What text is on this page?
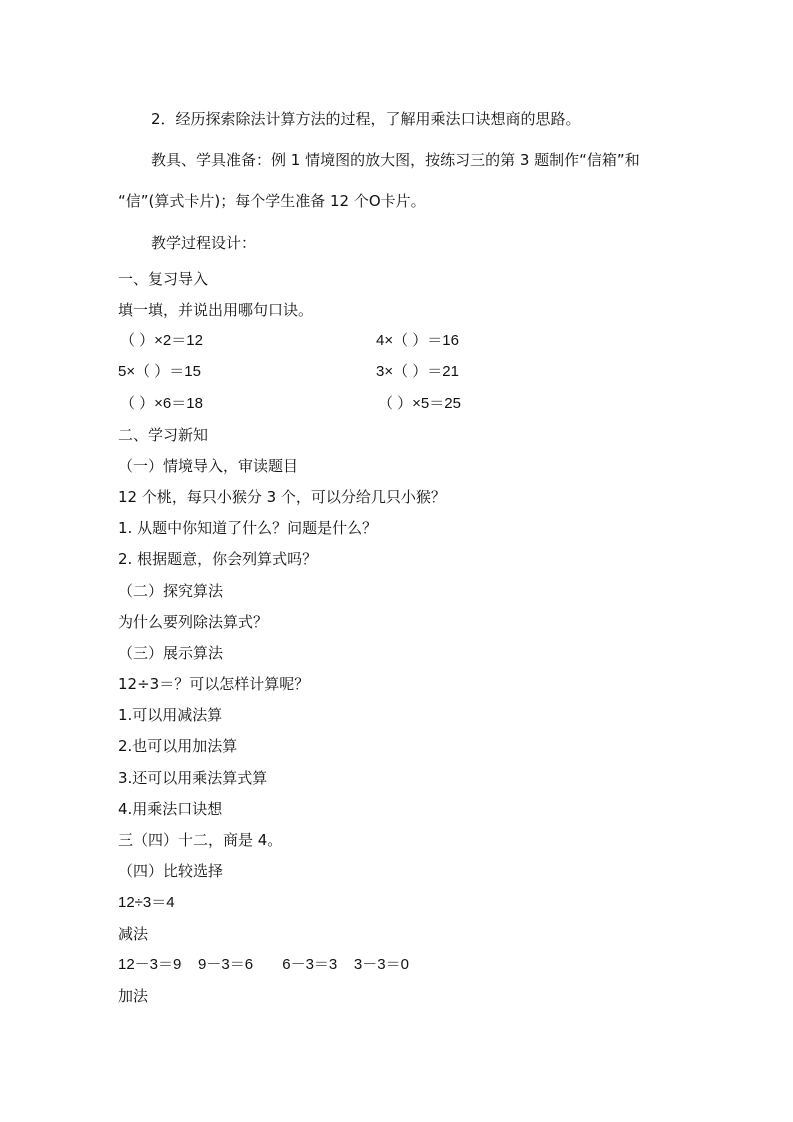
2．经历探索除法计算方法的过程，了解用乘法口诀想商的思路。
教具、学具准备：例 1 情境图的放大图，按练习三的第 3 题制作“信箱”和
“信”(算式卡片)；每个学生准备 12 个O卡片。
教学过程设计：
一、复习导入
填一填，并说出用哪句口诀。
（ ）×2＝12	4×（ ）＝16
5×（ ）＝15	3×（ ）＝21
（ ）×6＝18	（ ）×5＝25
二、学习新知
（一）情境导入，审读题目
12 个桃，每只小猴分 3 个，可以分给几只小猴？
1. 从题中你知道了什么？问题是什么？
2. 根据题意，你会列算式吗？
（二）探究算法
为什么要列除法算式？
（三）展示算法
12÷3＝？可以怎样计算呢？
1.可以用减法算
2.也可以用加法算
3.还可以用乘法算式算
4.用乘法口诀想
三（四）十二，商是 4。
（四）比较选择
12÷3＝4
减法
12－3＝9    9－3＝6       6－3＝3    3－3＝0
加法
